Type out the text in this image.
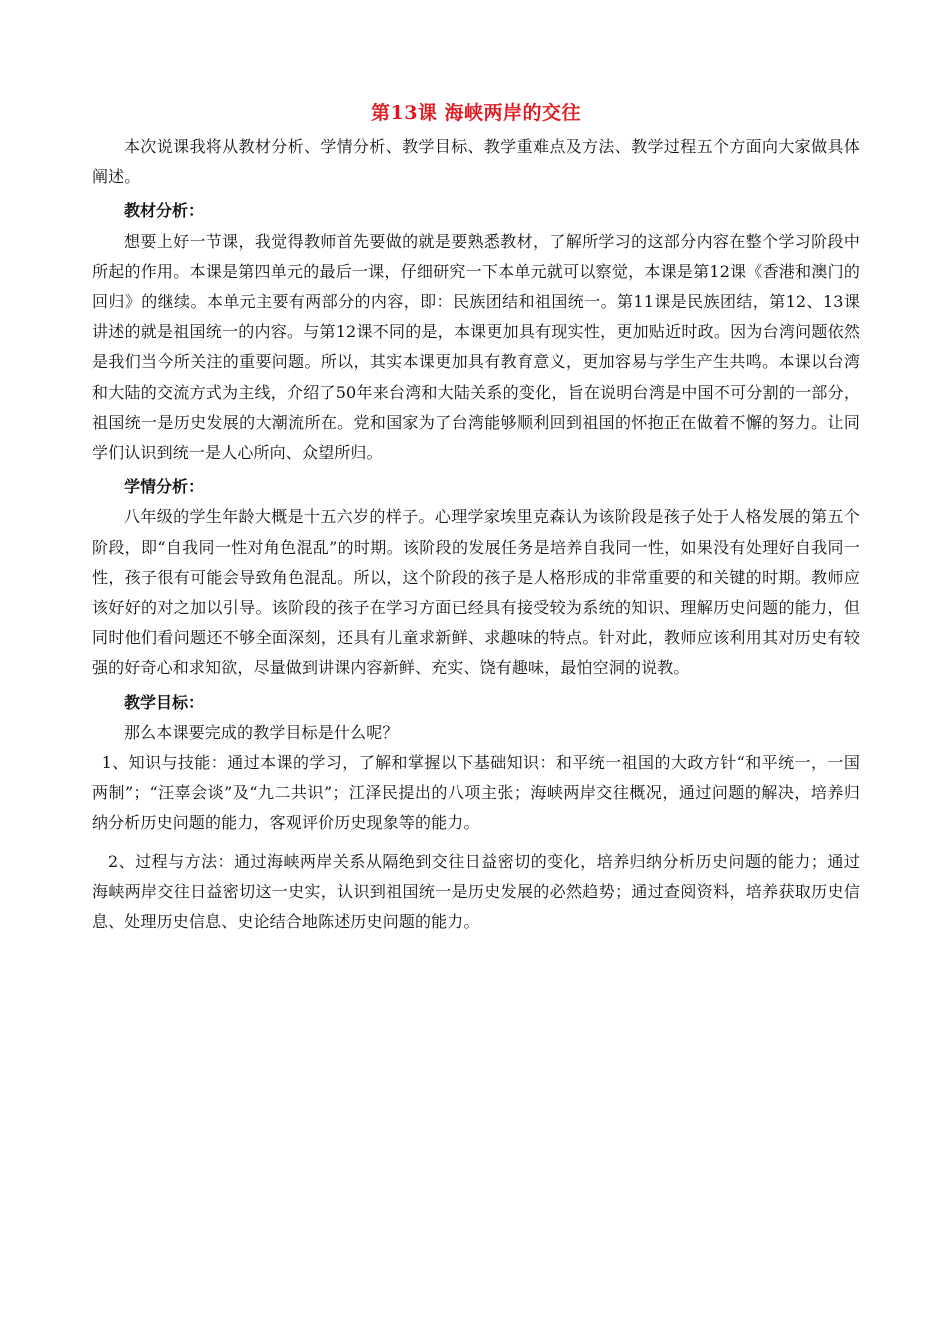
第13课 海峡两岸的交往

本次说课我将从教材分析、学情分析、教学目标、教学重难点及方法、教学过程五个方面向大家做具体阐述。

教材分析：

想要上好一节课，我觉得教师首先要做的就是要熟悉教材，了解所学习的这部分内容在整个学习阶段中所起的作用。本课是第四单元的最后一课，仔细研究一下本单元就可以察觉，本课是第12课《香港和澳门的回归》的继续。本单元主要有两部分的内容，即：民族团结和祖国统一。第11课是民族团结，第12、13课讲述的就是祖国统一的内容。与第12课不同的是，本课更加具有现实性，更加贴近时政。因为台湾问题依然是我们当今所关注的重要问题。所以，其实本课更加具有教育意义，更加容易与学生产生共鸣。本课以台湾和大陆的交流方式为主线，介绍了50年来台湾和大陆关系的变化，旨在说明台湾是中国不可分割的一部分，祖国统一是历史发展的大潮流所在。党和国家为了台湾能够顺利回到祖国的怀抱正在做着不懈的努力。让同学们认识到统一是人心所向、众望所归。

学情分析：

八年级的学生年龄大概是十五六岁的样子。心理学家埃里克森认为该阶段是孩子处于人格发展的第五个阶段，即“自我同一性对角色混乱”的时期。该阶段的发展任务是培养自我同一性，如果没有处理好自我同一性，孩子很有可能会导致角色混乱。所以，这个阶段的孩子是人格形成的非常重要的和关键的时期。教师应该好好的对之加以引导。该阶段的孩子在学习方面已经具有接受较为系统的知识、理解历史问题的能力，但同时他们看问题还不够全面深刻，还具有儿童求新鲜、求趣味的特点。针对此，教师应该利用其对历史有较强的好奇心和求知欲，尽量做到讲课内容新鲜、充实、饶有趣味，最怕空洞的说教。

教学目标：

那么本课要完成的教学目标是什么呢？

1、知识与技能：通过本课的学习，了解和掌握以下基础知识：和平统一祖国的大政方针“和平统一，一国两制”；“汪辜会谈”及“九二共识”；江泽民提出的八项主张；海峡两岸交往概况，通过问题的解决，培养归纳分析历史问题的能力，客观评价历史现象等的能力。

2、过程与方法：通过海峡两岸关系从隔绝到交往日益密切的变化，培养归纳分析历史问题的能力；通过海峡两岸交往日益密切这一史实，认识到祖国统一是历史发展的必然趋势；通过查阅资料，培养获取历史信息、处理历史信息、史论结合地陈述历史问题的能力。
